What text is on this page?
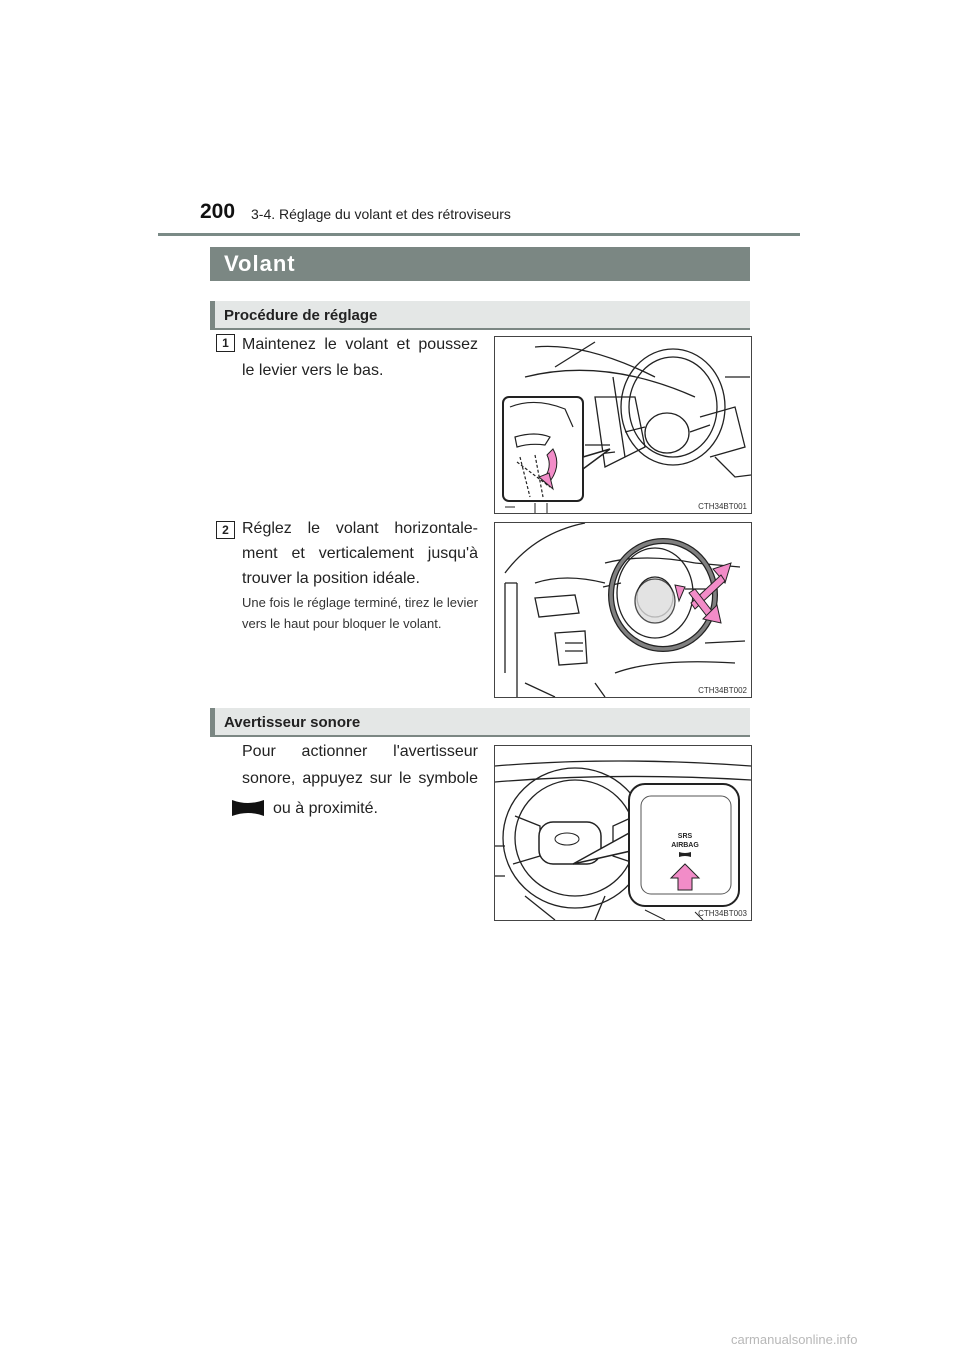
200 3-4. Réglage du volant et des rétroviseurs
Volant
Procédure de réglage
1 Maintenez le volant et poussez le levier vers le bas.
CTH34BT001
2 Réglez le volant horizontale-ment et verticalement jusqu'à trouver la position idéale.
Une fois le réglage terminé, tirez le levier vers le haut pour bloquer le volant.
CTH34BT002
Avertisseur sonore
Pour actionner l'avertisseur
sonore, appuyez sur le symbole
ou à proximité.
SRS
AIRBAG
CTH34BT003
carmanualsonline.info
